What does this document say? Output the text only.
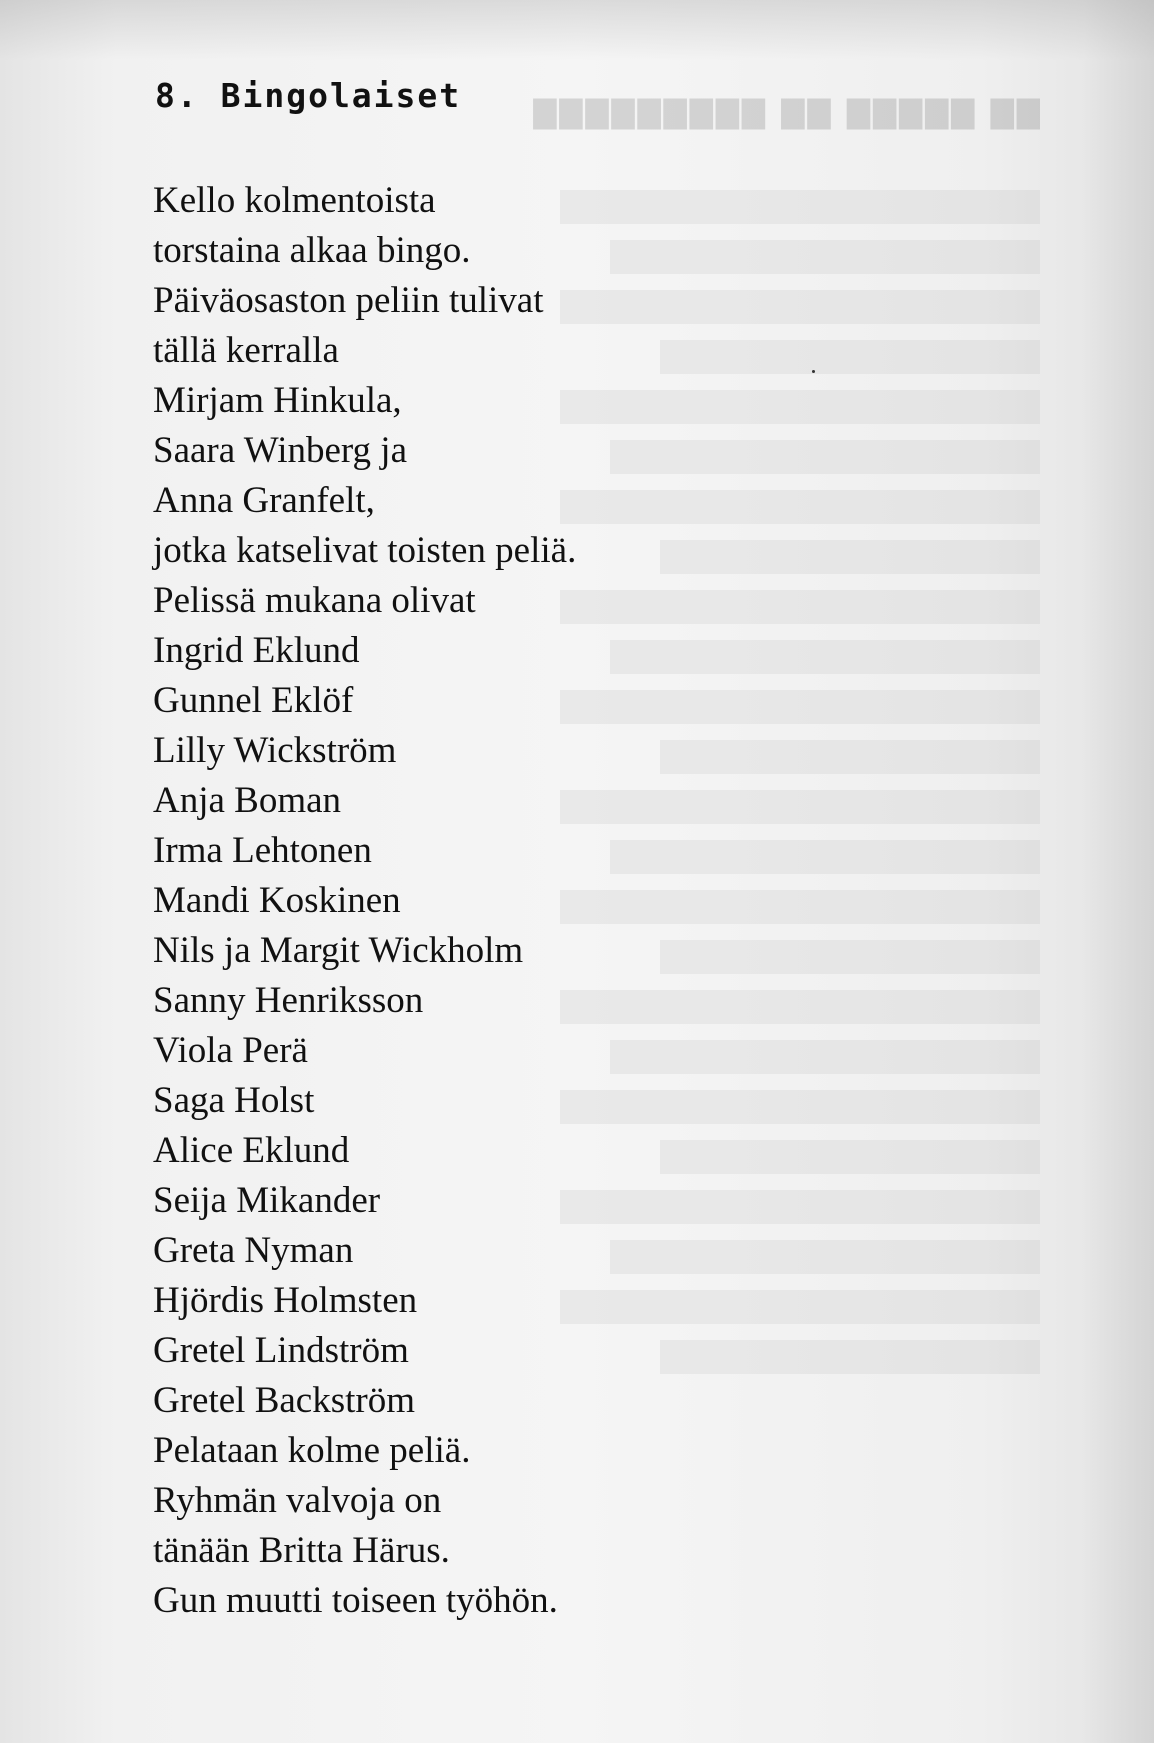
▇▇ ▇▇▇▇▇ ▇▇ ▇▇▇▇▇▇▇▇▇
8. Bingolaiset
Kello kolmentoista
torstaina alkaa bingo.
Päiväosaston peliin tulivat
tällä kerralla
Mirjam Hinkula,
Saara Winberg ja
Anna Granfelt,
jotka katselivat toisten peliä.
Pelissä mukana olivat
Ingrid Eklund
Gunnel Eklöf
Lilly Wickström
Anja Boman
Irma Lehtonen
Mandi Koskinen
Nils ja Margit Wickholm
Sanny Henriksson
Viola Perä
Saga Holst
Alice Eklund
Seija Mikander
Greta Nyman
Hjördis Holmsten
Gretel Lindström
Gretel Backström
Pelataan kolme peliä.
Ryhmän valvoja on
tänään Britta Härus.
Gun muutti toiseen työhön.
